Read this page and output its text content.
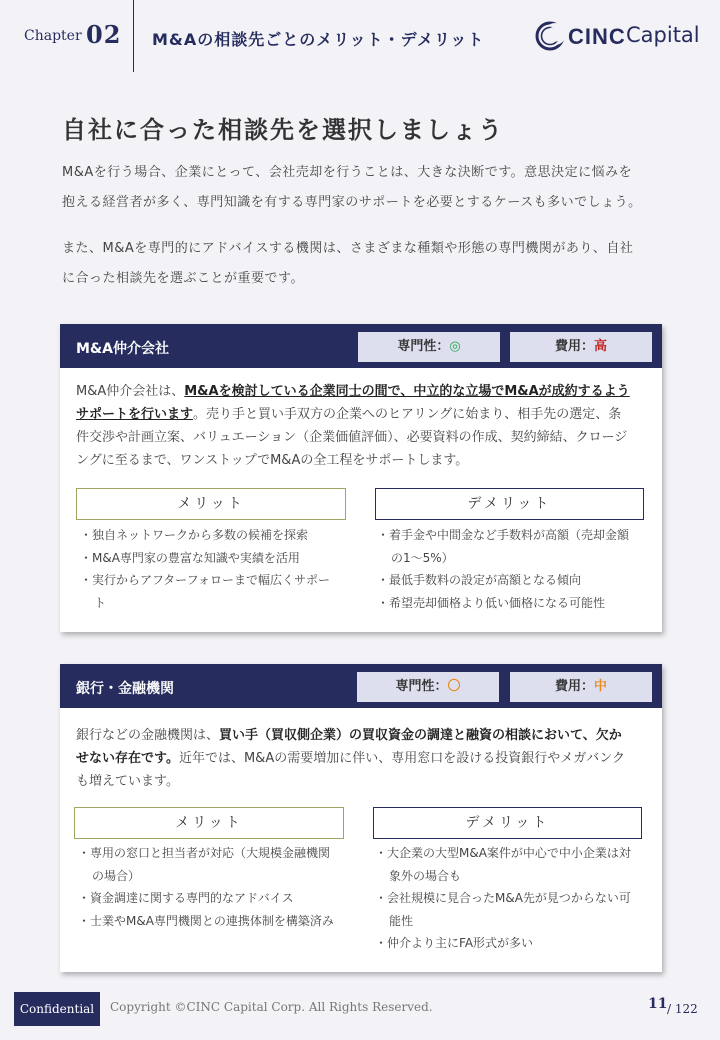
Chapter 02 M&Aの相談先ごとのメリット・デメリット	CINC Capital
自社に合った相談先を選択しましょう
M&Aを行う場合、企業にとって、会社売却を行うことは、大きな決断です。意思決定に悩みを
抱える経営者が多く、専門知識を有する専門家のサポートを必要とするケースも多いでしょう。
また、M&Aを専門的にアドバイスする機関は、さまざまな種類や形態の専門機関があり、自社
に合った相談先を選ぶことが重要です。
M&A仲介会社	専門性：◎	費用：高
M&A仲介会社は、M&Aを検討している企業同士の間で、中立的な立場でM&Aが成約するようサポートを行います。売り手と買い手双方の企業へのヒアリングに始まり、相手先の選定、条件交渉や計画立案、バリュエーション（企業価値評価）、必要資料の作成、契約締結、クロージングに至るまで、ワンストップでM&Aの全工程をサポートします。
メリット	デメリット
・ 独自ネットワークから多数の候補を探索
・ M&A専門家の豊富な知識や実績を活用
・ 実行からアフターフォローまで幅広くサポート
・ 着手金や中間金など手数料が高額（売却金額の1～5%）
・ 最低手数料の設定が高額となる傾向
・ 希望売却価格より低い価格になる可能性
銀行・金融機関	専門性：〇	費用：中
銀行などの金融機関は、買い手（買収側企業）の買収資金の調達と融資の相談において、欠かせない存在です。近年では、M&Aの需要増加に伴い、専用窓口を設ける投資銀行やメガバンクも増えています。
メリット	デメリット
・ 専用の窓口と担当者が対応（大規模金融機関の場合）
・ 資金調達に関する専門的なアドバイス
・ 士業やM&A専門機関との連携体制を構築済み
・ 大企業の大型M&A案件が中心で中小企業は対象外の場合も
・ 会社規模に見合ったM&A先が見つからない可能性
・ 仲介より主にFA形式が多い
Confidential	Copyright ©CINC Capital Corp. All Rights Reserved.	11 / 122
